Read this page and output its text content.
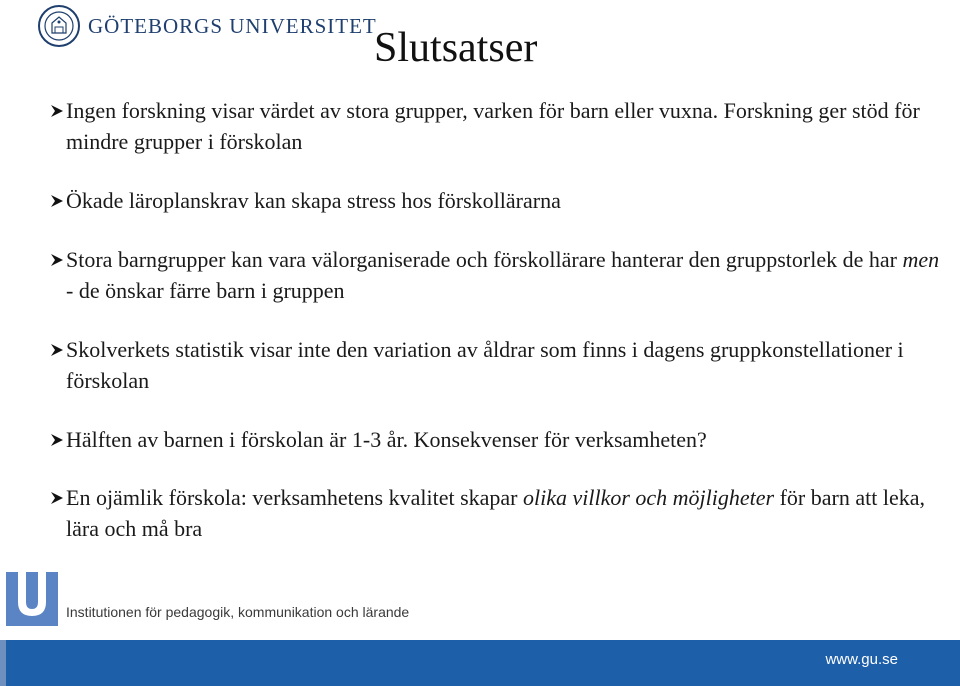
GÖTEBORGS UNIVERSITET
Slutsatser
Ingen forskning visar värdet av stora grupper, varken för barn eller vuxna. Forskning ger stöd för mindre grupper i förskolan
Ökade läroplanskrav kan skapa stress hos förskollärarna
Stora barngrupper kan vara välorganiserade och förskollärare hanterar den gruppstorlek de har men - de önskar färre barn i gruppen
Skolverkets statistik visar inte den variation av åldrar som finns i dagens gruppkonstellationer i förskolan
Hälften av barnen i förskolan är 1-3 år. Konsekvenser för verksamheten?
En ojämlik förskola: verksamhetens kvalitet skapar olika villkor och möjligheter för barn att leka, lära och må bra
Institutionen för pedagogik, kommunikation och lärande
www.gu.se
